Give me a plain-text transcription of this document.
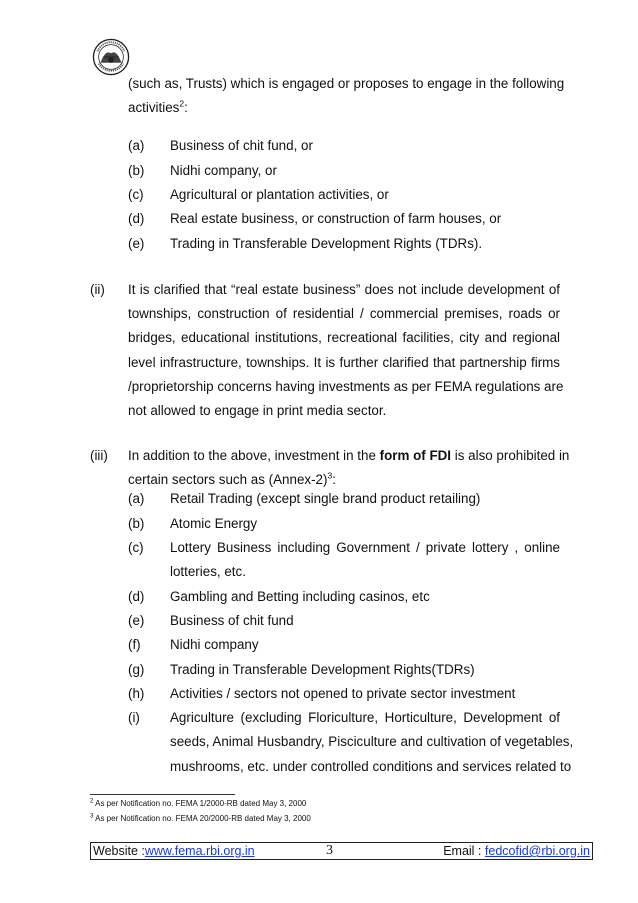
(such as, Trusts) which is engaged or proposes to engage in the following
activities$^2$:
(a) Business of chit fund, or
(b) Nidhi company, or
(c) Agricultural or plantation activities, or
(d) Real estate business, or construction of farm houses, or
(e) Trading in Transferable Development Rights (TDRs).
(ii) It is clarified that “real estate business” does not include development of
townships, construction of residential / commercial premises, roads or
bridges, educational institutions, recreational facilities, city and regional
level infrastructure, townships. It is further clarified that partnership firms
/proprietorship concerns having investments as per FEMA regulations are
not allowed to engage in print media sector.
(iii) In addition to the above, investment in the form of FDI is also prohibited in
certain sectors such as (Annex-2)$^3$:
(a) Retail Trading (except single brand product retailing)
(b) Atomic Energy
(c) Lottery Business including Government / private lottery , online
lotteries, etc.
(d) Gambling and Betting including casinos, etc
(e) Business of chit fund
(f) Nidhi company
(g) Trading in Transferable Development Rights(TDRs)
(h) Activities / sectors not opened to private sector investment
(i) Agriculture (excluding Floriculture, Horticulture, Development of
seeds, Animal Husbandry, Pisciculture and cultivation of vegetables,
mushrooms, etc. under controlled conditions and services related to
$^2$ As per Notification no. FEMA 1/2000-RB dated May 3, 2000
$^3$ As per Notification no. FEMA 20/2000-RB dated May 3, 2000
Website :www.fema.rbi.org.in	3	Email : fedcofid@rbi.org.in
